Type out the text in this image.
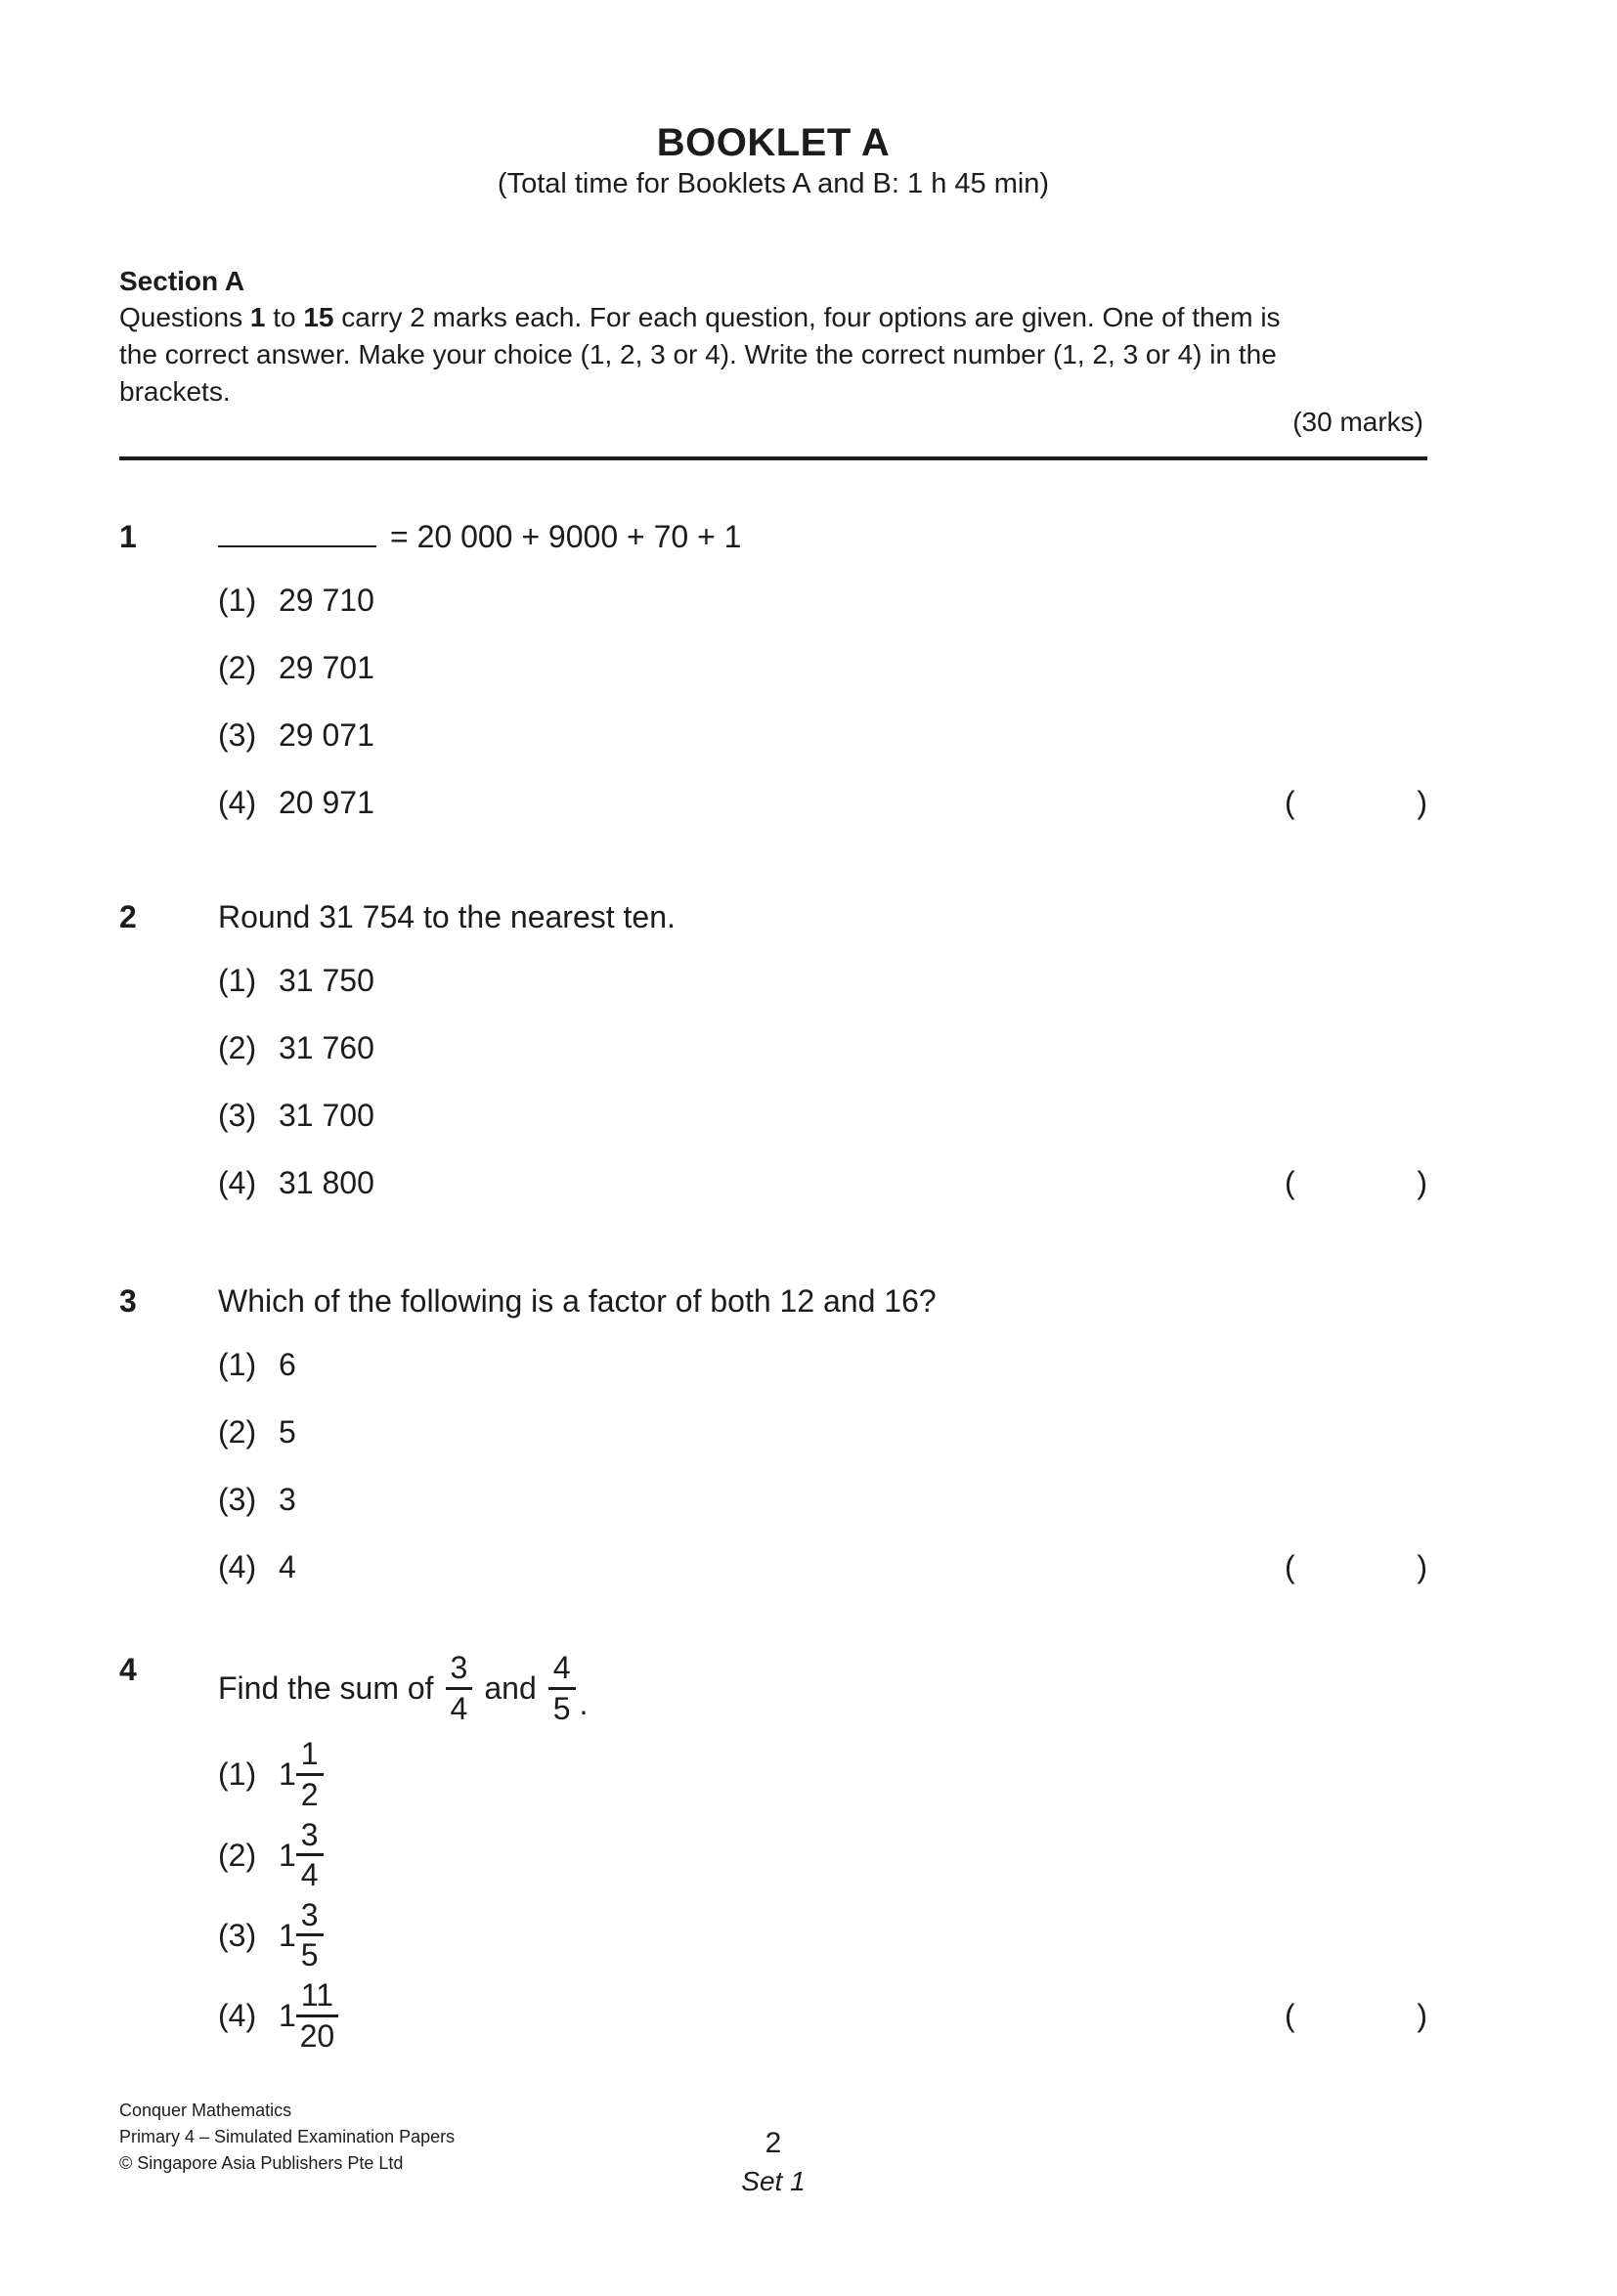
BOOKLET A
(Total time for Booklets A and B: 1 h 45 min)
Section A
Questions 1 to 15 carry 2 marks each. For each question, four options are given. One of them is
the correct answer. Make your choice (1, 2, 3 or 4). Write the correct number (1, 2, 3 or 4) in the
brackets.
(30 marks)
1	= 20 000 + 9000 + 70 + 1
(1) 29 710
(2) 29 701
(3) 29 071
(4) 20 971	(	)
2	Round 31 754 to the nearest ten.
(1) 31 750
(2) 31 760
(3) 31 700
(4) 31 800	(	)
3	Which of the following is a factor of both 12 and 16?
(1) 6
(2) 5
(3) 3
(4) 4	(	)
4
Find the sum of $\frac{3}{4}$ and $\frac{4}{5}$ .
(1) $1 \frac{1}{2}$
(2) $1 \frac{3}{4}$
(3) $1 \frac{3}{5}$
(4) $1 \frac{11}{20}$	(	)
Conquer Mathematics
Primary 4 – Simulated Examination Papers
© Singapore Asia Publishers Pte Ltd
2
Set 1
